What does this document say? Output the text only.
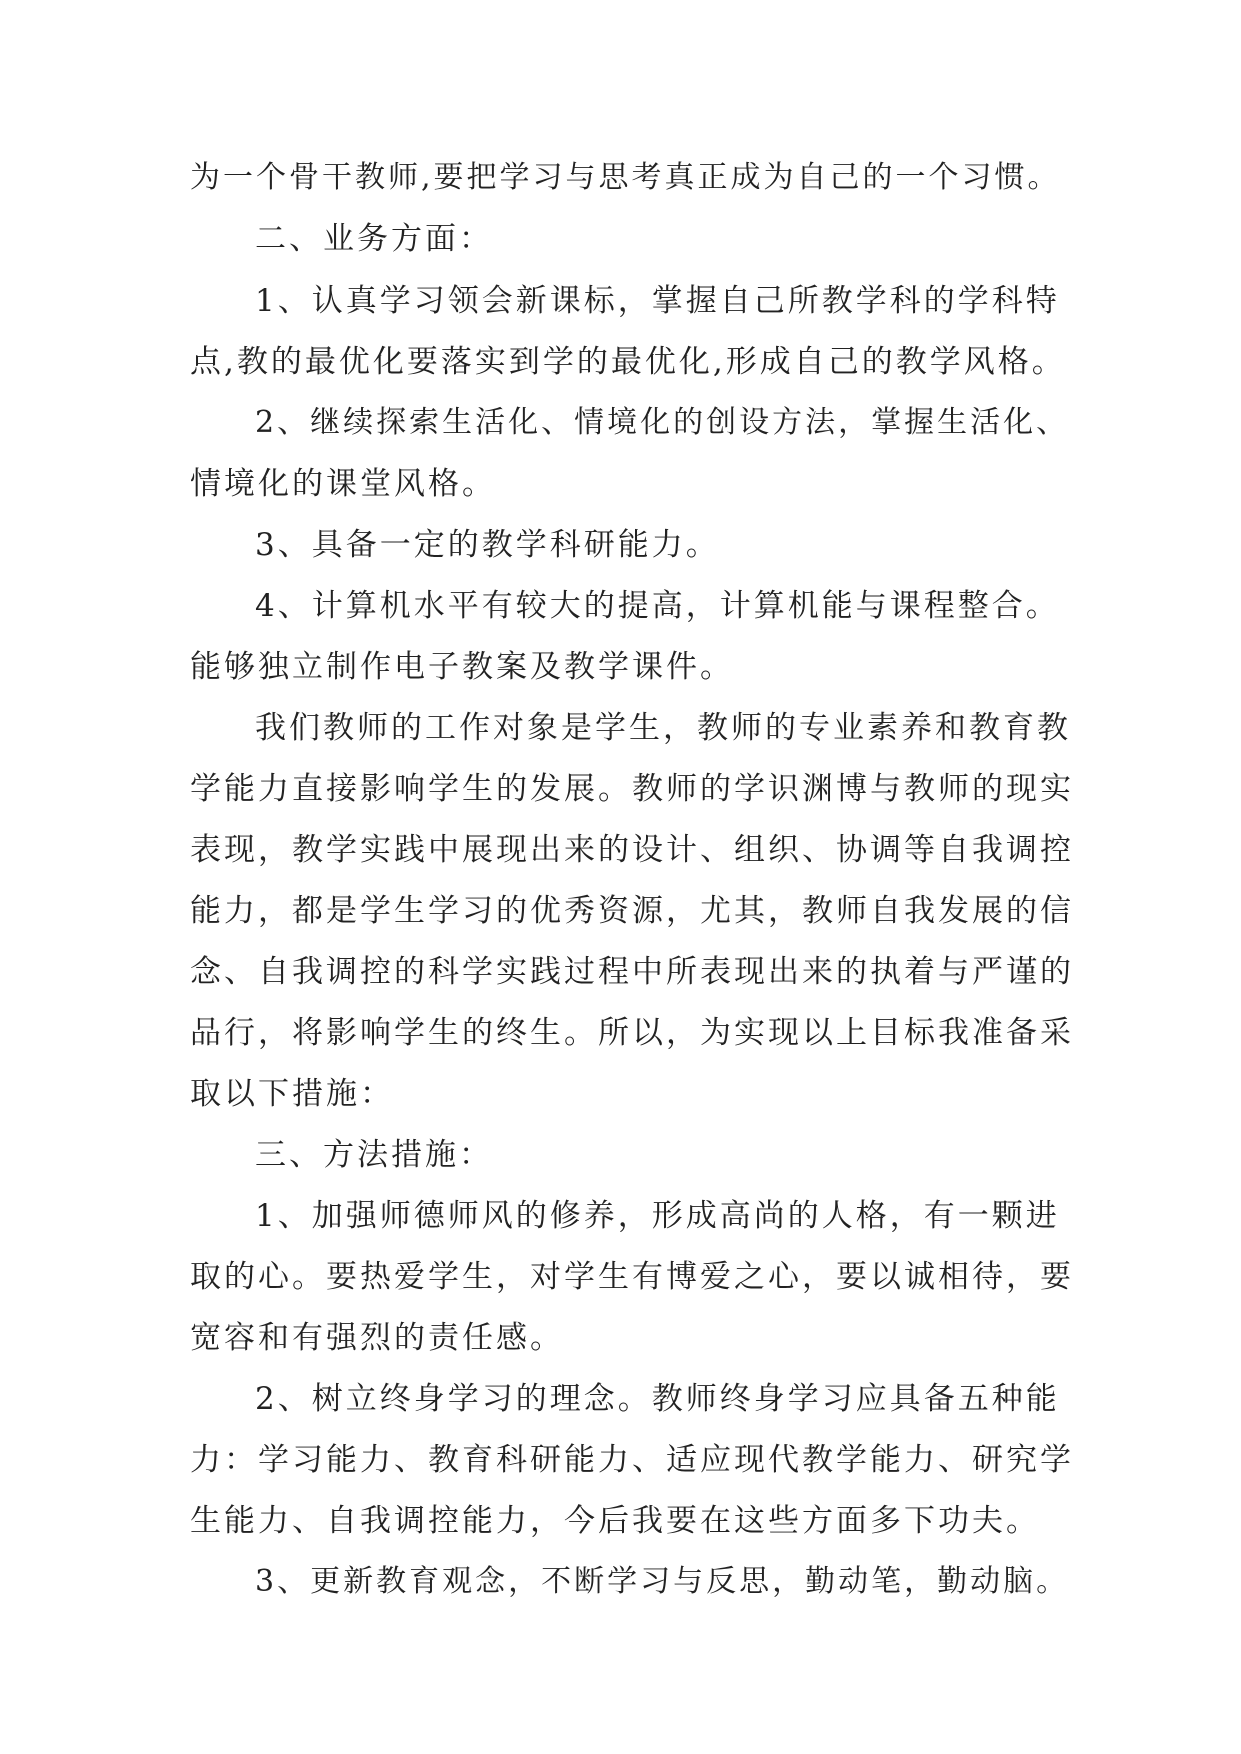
为一个骨干教师,要把学习与思考真正成为自己的一个习惯。
二、业务方面：
1、认真学习领会新课标，掌握自己所教学科的学科特
点,教的最优化要落实到学的最优化,形成自己的教学风格。
2、继续探索生活化、情境化的创设方法，掌握生活化、
情境化的课堂风格。
3、具备一定的教学科研能力。
4、计算机水平有较大的提高，计算机能与课程整合。
能够独立制作电子教案及教学课件。
我们教师的工作对象是学生，教师的专业素养和教育教
学能力直接影响学生的发展。教师的学识渊博与教师的现实
表现，教学实践中展现出来的设计、组织、协调等自我调控
能力，都是学生学习的优秀资源，尤其，教师自我发展的信
念、自我调控的科学实践过程中所表现出来的执着与严谨的
品行，将影响学生的终生。所以，为实现以上目标我准备采
取以下措施：
三、方法措施：
1、加强师德师风的修养，形成高尚的人格，有一颗进
取的心。要热爱学生，对学生有博爱之心，要以诚相待，要
宽容和有强烈的责任感。
2、树立终身学习的理念。教师终身学习应具备五种能
力：学习能力、教育科研能力、适应现代教学能力、研究学
生能力、自我调控能力，今后我要在这些方面多下功夫。
3、更新教育观念，不断学习与反思，勤动笔，勤动脑。
